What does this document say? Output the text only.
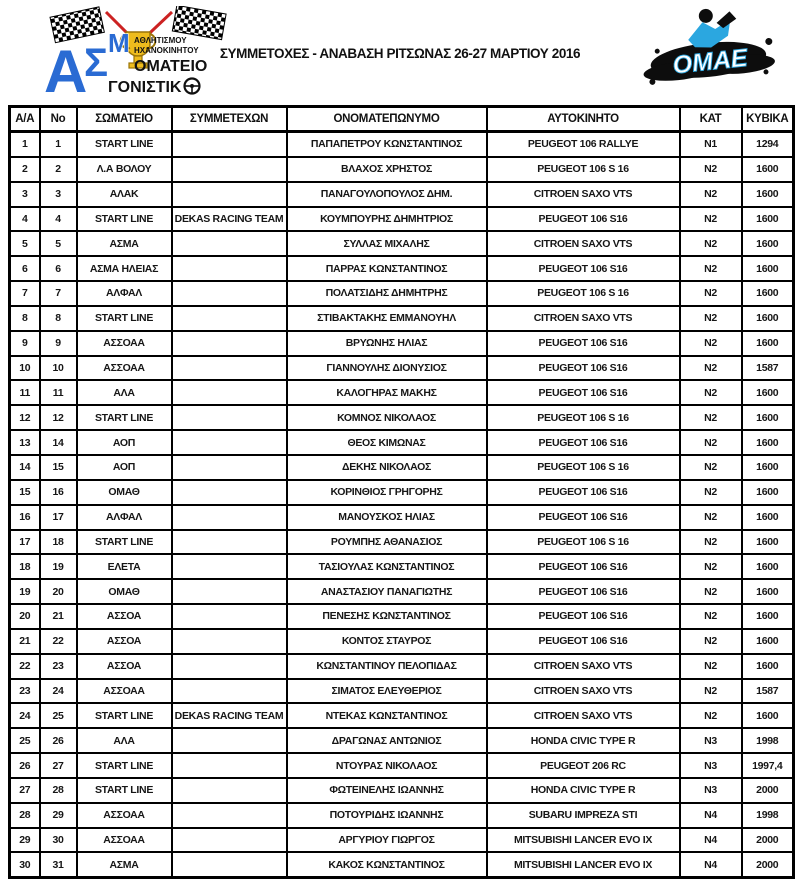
Α
Σ Μ ΑΘΛΗΤΙΣΜΟΥ
ΗΧΑΝΟΚΙΝΗΤΟΥ
ΟΜΑΤΕΙΟ
ΓΟΝΙΣΤΙΚ
ΣΥΜΜΕΤΟΧΕΣ - ΑΝΑΒΑΣΗ ΡΙΤΣΩΝΑΣ 26-27 ΜΑΡΤΙΟΥ 2016	ΟΜΑΕ
Α/Α	Νο	ΣΩΜΑΤΕΙΟ	ΣΥΜΜΕΤΕΧΩΝ	ΟΝΟΜΑΤΕΠΩΝΥΜΟ	ΑΥΤΟΚΙΝΗΤΟ	ΚΑΤ	ΚΥΒΙΚΑ
1	1	START LINE		ΠΑΠΑΠΕΤΡΟΥ ΚΩΝΣΤΑΝΤΙΝΟΣ	PEUGEOT 106 RALLYE	N1	1294
2	2	Λ.Α ΒΟΛΟΥ		ΒΛΑΧΟΣ ΧΡΗΣΤΟΣ	PEUGEOT 106 S 16	N2	1600
3	3	ΑΛΑΚ		ΠΑΝΑΓΟΥΛΟΠΟΥΛΟΣ ΔΗΜ.	CITROEN SAXO VTS	N2	1600
4	4	START LINE	DEKAS RACING TEAM	ΚΟΥΜΠΟΥΡΗΣ ΔΗΜΗΤΡΙΟΣ	PEUGEOT 106 S16	N2	1600
5	5	ΑΣΜΑ		ΣΥΛΛΑΣ ΜΙΧΑΛΗΣ	CITROEN SAXO VTS	N2	1600
6	6	ΑΣΜΑ ΗΛΕΙΑΣ		ΠΑΡΡΑΣ ΚΩΝΣΤΑΝΤΙΝΟΣ	PEUGEOT 106 S16	N2	1600
7	7	ΑΛΦΑΛ		ΠΟΛΑΤΣΙΔΗΣ ΔΗΜΗΤΡΗΣ	PEUGEOT 106 S 16	N2	1600
8	8	START LINE		ΣΤΙΒΑΚΤΑΚΗΣ ΕΜΜΑΝΟΥΗΛ	CITROEN SAXO VTS	N2	1600
9	9	ΑΣΣΟΑΑ		ΒΡΥΩΝΗΣ ΗΛΙΑΣ	PEUGEOT 106 S16	N2	1600
10	10	ΑΣΣΟΑΑ		ΓΙΑΝΝΟΥΛΗΣ ΔΙΟΝΥΣΙΟΣ	PEUGEOT 106 S16	N2	1587
11	11	ΑΛΑ		ΚΑΛΟΓΗΡΑΣ ΜΑΚΗΣ	PEUGEOT 106 S16	N2	1600
12	12	START LINE		ΚΟΜΝΟΣ ΝΙΚΟΛΑΟΣ	PEUGEOT 106 S 16	N2	1600
13	14	ΑΟΠ		ΘΕΟΣ ΚΙΜΩΝΑΣ	PEUGEOT 106 S16	N2	1600
14	15	ΑΟΠ		ΔΕΚΗΣ ΝΙΚΟΛΑΟΣ	PEUGEOT 106 S 16	N2	1600
15	16	ΟΜΑΘ		ΚΟΡΙΝΘΙΟΣ ΓΡΗΓΟΡΗΣ	PEUGEOT 106 S16	N2	1600
16	17	ΑΛΦΑΛ		ΜΑΝΟΥΣΚΟΣ ΗΛΙΑΣ	PEUGEOT 106 S16	N2	1600
17	18	START LINE		ΡΟΥΜΠΗΣ ΑΘΑΝΑΣΙΟΣ	PEUGEOT 106 S 16	N2	1600
18	19	ΕΛΕΤΑ		ΤΑΣΙΟΥΛΑΣ ΚΩΝΣΤΑΝΤΙΝΟΣ	PEUGEOT 106 S16	N2	1600
19	20	ΟΜΑΘ		ΑΝΑΣΤΑΣΙΟΥ ΠΑΝΑΓΙΩΤΗΣ	PEUGEOT 106 S16	N2	1600
20	21	ΑΣΣΟΑ		ΠΕΝΕΣΗΣ ΚΩΝΣΤΑΝΤΙΝΟΣ	PEUGEOT 106 S16	N2	1600
21	22	ΑΣΣΟΑ		ΚΟΝΤΟΣ ΣΤΑΥΡΟΣ	PEUGEOT 106 S16	N2	1600
22	23	ΑΣΣΟΑ		ΚΩΝΣΤΑΝΤΙΝΟΥ ΠΕΛΟΠΙΔΑΣ	CITROEN SAXO VTS	N2	1600
23	24	ΑΣΣΟΑΑ		ΣΙΜΑΤΟΣ ΕΛΕΥΘΕΡΙΟΣ	CITROEN SAXO VTS	N2	1587
24	25	START LINE	DEKAS RACING TEAM	ΝΤΕΚΑΣ ΚΩΝΣΤΑΝΤΙΝΟΣ	CITROEN SAXO VTS	N2	1600
25	26	ΑΛΑ		ΔΡΑΓΩΝΑΣ ΑΝΤΩΝΙΟΣ	HONDA CIVIC TYPE R	N3	1998
26	27	START LINE		ΝΤΟΥΡΑΣ ΝΙΚΟΛΑΟΣ	PEUGEOT 206 RC	N3	1997,4
27	28	START LINE		ΦΩΤΕΙΝΕΛΗΣ ΙΩΑΝΝΗΣ	HONDA CIVIC TYPE R	N3	2000
28	29	ΑΣΣΟΑΑ		ΠΟΤΟΥΡΙΔΗΣ ΙΩΑΝΝΗΣ	SUBARU IMPREZA STI	N4	1998
29	30	ΑΣΣΟΑΑ		ΑΡΓΥΡΙΟΥ ΓΙΩΡΓΟΣ	MITSUBISHI LANCER EVO IX	N4	2000
30	31	ΑΣΜΑ		ΚΑΚΟΣ ΚΩΝΣΤΑΝΤΙΝΟΣ	MITSUBISHI LANCER EVO IX	N4	2000
